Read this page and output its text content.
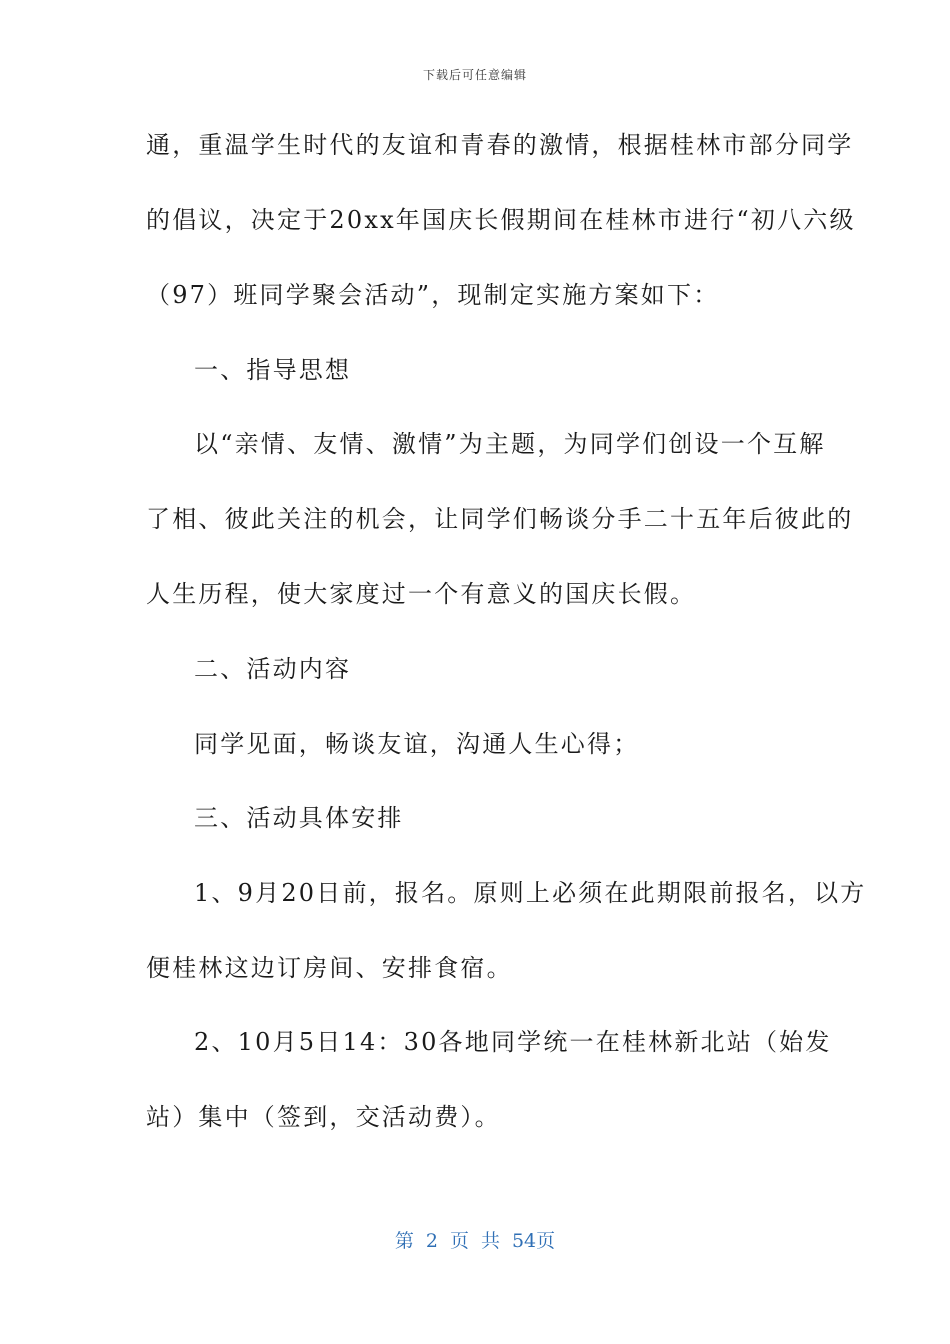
下载后可任意编辑
通，重温学生时代的友谊和青春的激情，根据桂林市部分同学
的倡议，决定于20xx年国庆长假期间在桂林市进行“初八六级
（97）班同学聚会活动”，现制定实施方案如下：
一、指导思想
以“亲情、友情、激情”为主题，为同学们创设一个互解
了相、彼此关注的机会，让同学们畅谈分手二十五年后彼此的
人生历程，使大家度过一个有意义的国庆长假。
二、活动内容
同学见面，畅谈友谊，沟通人生心得；
三、活动具体安排
1、9月20日前，报名。原则上必须在此期限前报名，以方
便桂林这边订房间、安排食宿。
2、10月5日14：30各地同学统一在桂林新北站（始发
站）集中（签到，交活动费）。
第 2 页 共 54页
